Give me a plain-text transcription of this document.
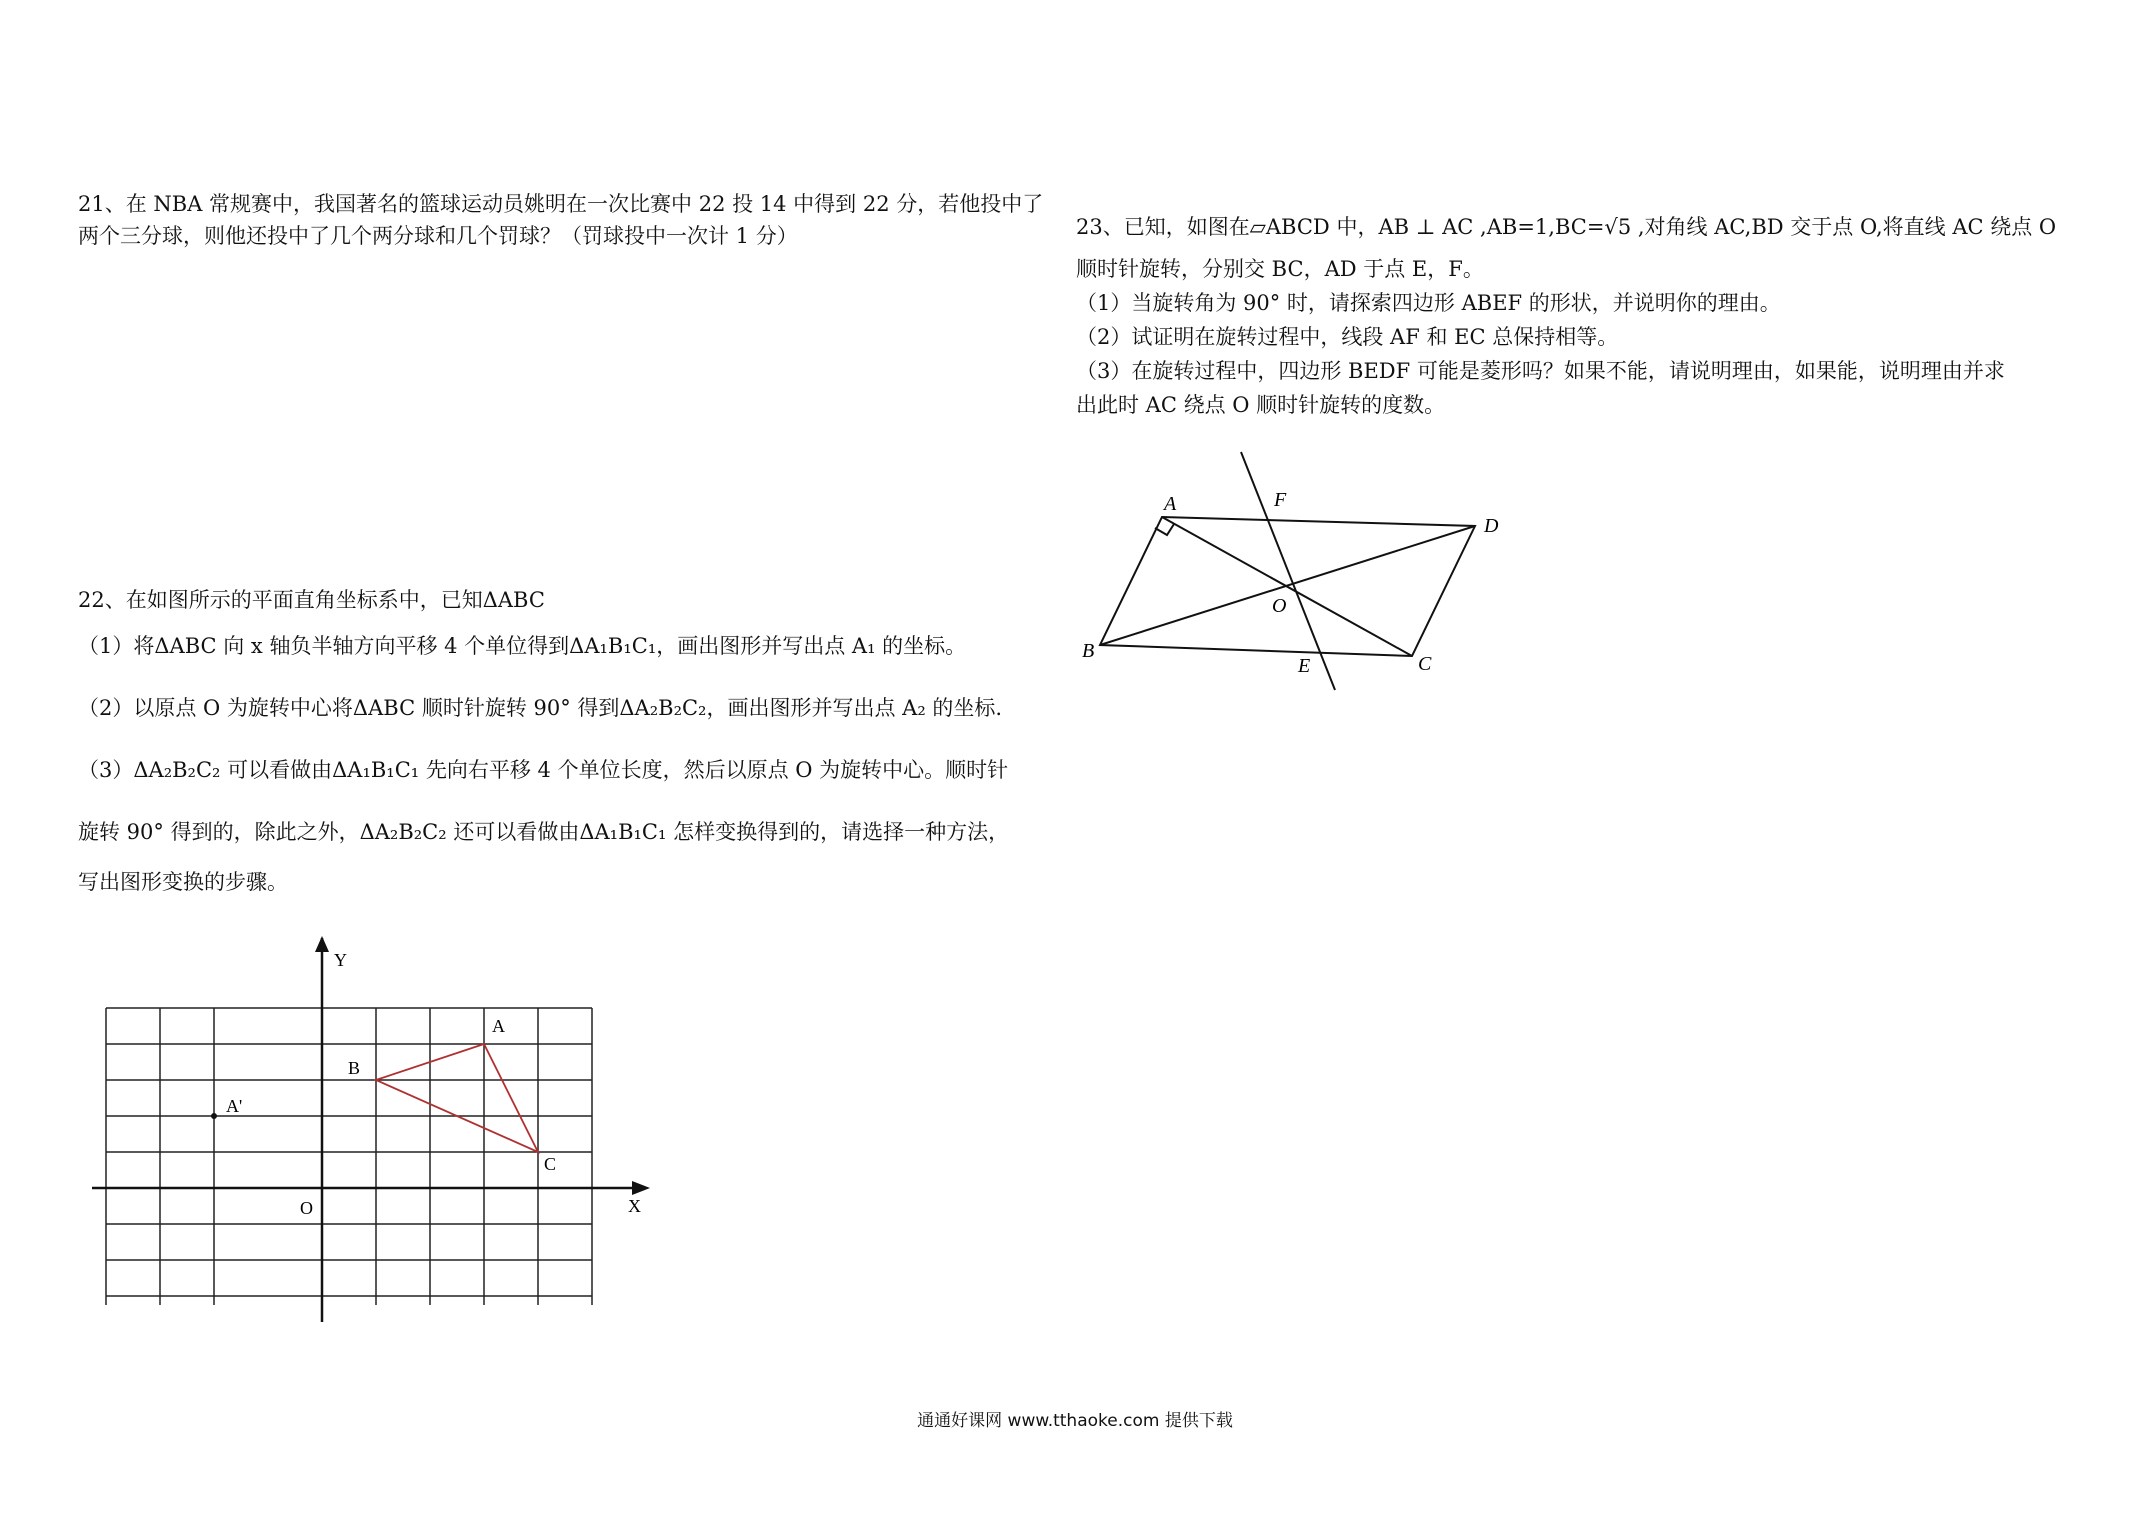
21、在 NBA 常规赛中，我国著名的篮球运动员姚明在一次比赛中 22 投 14 中得到 22 分，若他投中了
两个三分球，则他还投中了几个两分球和几个罚球？（罚球投中一次计 1 分）
22、在如图所示的平面直角坐标系中，已知ΔABC
（1）将ΔABC 向 x 轴负半轴方向平移 4 个单位得到ΔA₁B₁C₁，画出图形并写出点 A₁ 的坐标。
（2）以原点 O 为旋转中心将ΔABC 顺时针旋转 90° 得到ΔA₂B₂C₂，画出图形并写出点 A₂ 的坐标.
（3）ΔA₂B₂C₂ 可以看做由ΔA₁B₁C₁ 先向右平移 4 个单位长度，然后以原点 O 为旋转中心。顺时针
旋转 90° 得到的，除此之外，ΔA₂B₂C₂ 还可以看做由ΔA₁B₁C₁ 怎样变换得到的，请选择一种方法，
写出图形变换的步骤。
Y
X
O
A
B
C
A'
23、已知，如图在▱ABCD 中，AB ⊥ AC ,AB=1,BC=√5 ,对角线 AC,BD 交于点 O,将直线 AC 绕点 O
顺时针旋转，分别交 BC，AD 于点 E，F。
（1）当旋转角为 90° 时，请探索四边形 ABEF 的形状，并说明你的理由。
（2）试证明在旋转过程中，线段 AF 和 EC 总保持相等。
（3）在旋转过程中，四边形 BEDF 可能是菱形吗？如果不能，请说明理由，如果能，说明理由并求
出此时 AC 绕点 O 顺时针旋转的度数。
A
B
C
D
E
F
O
通通好课网 www.tthaoke.com 提供下载
